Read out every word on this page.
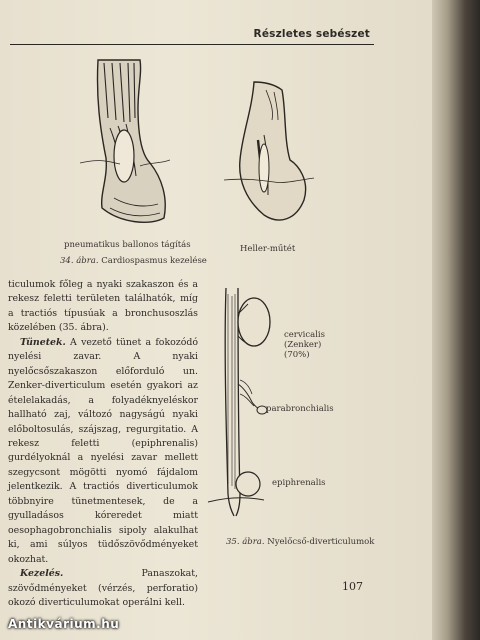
Részletes sebészet
pneumatikus ballonos tágítás	Heller-műtét
34. ábra. Cardiospasmus kezelése
cervicalis
(Zenker)
(70%)
parabronchialis
epiphrenalis
35. ábra. Nyelőcső-diverticulumok

ticulumok főleg a nyaki szakaszon és a rekesz feletti területen találhatók, míg a tractiós típusúak a bronchusoszlás közelében (35. ábra).

Tünetek. A vezető tünet a fokozódó nyelési zavar. A nyaki nyelőcsőszakaszon előforduló un. Zenker-diverticulum esetén gyakori az ételelakadás, a folyadéknyeléskor hallható zaj, változó nagyságú nyaki előboltosulás, szájszag, regurgitatio. A rekesz feletti (epiphrenalis) gurdélyoknál a nyelési zavar mellett szegycsont mögötti nyomó fájdalom jelentkezik. A tractiós diverticulumok többnyire tünetmentesek, de a gyulladásos kóreredet miatt oesophagobronchialis sipoly alakulhat ki, ami súlyos tüdőszövődményeket okozhat.

Kezelés.	Panaszokat, szövődményeket (vérzés, perforatio) okozó diverticulumokat operálni kell.

107
Antikvárium.hu
